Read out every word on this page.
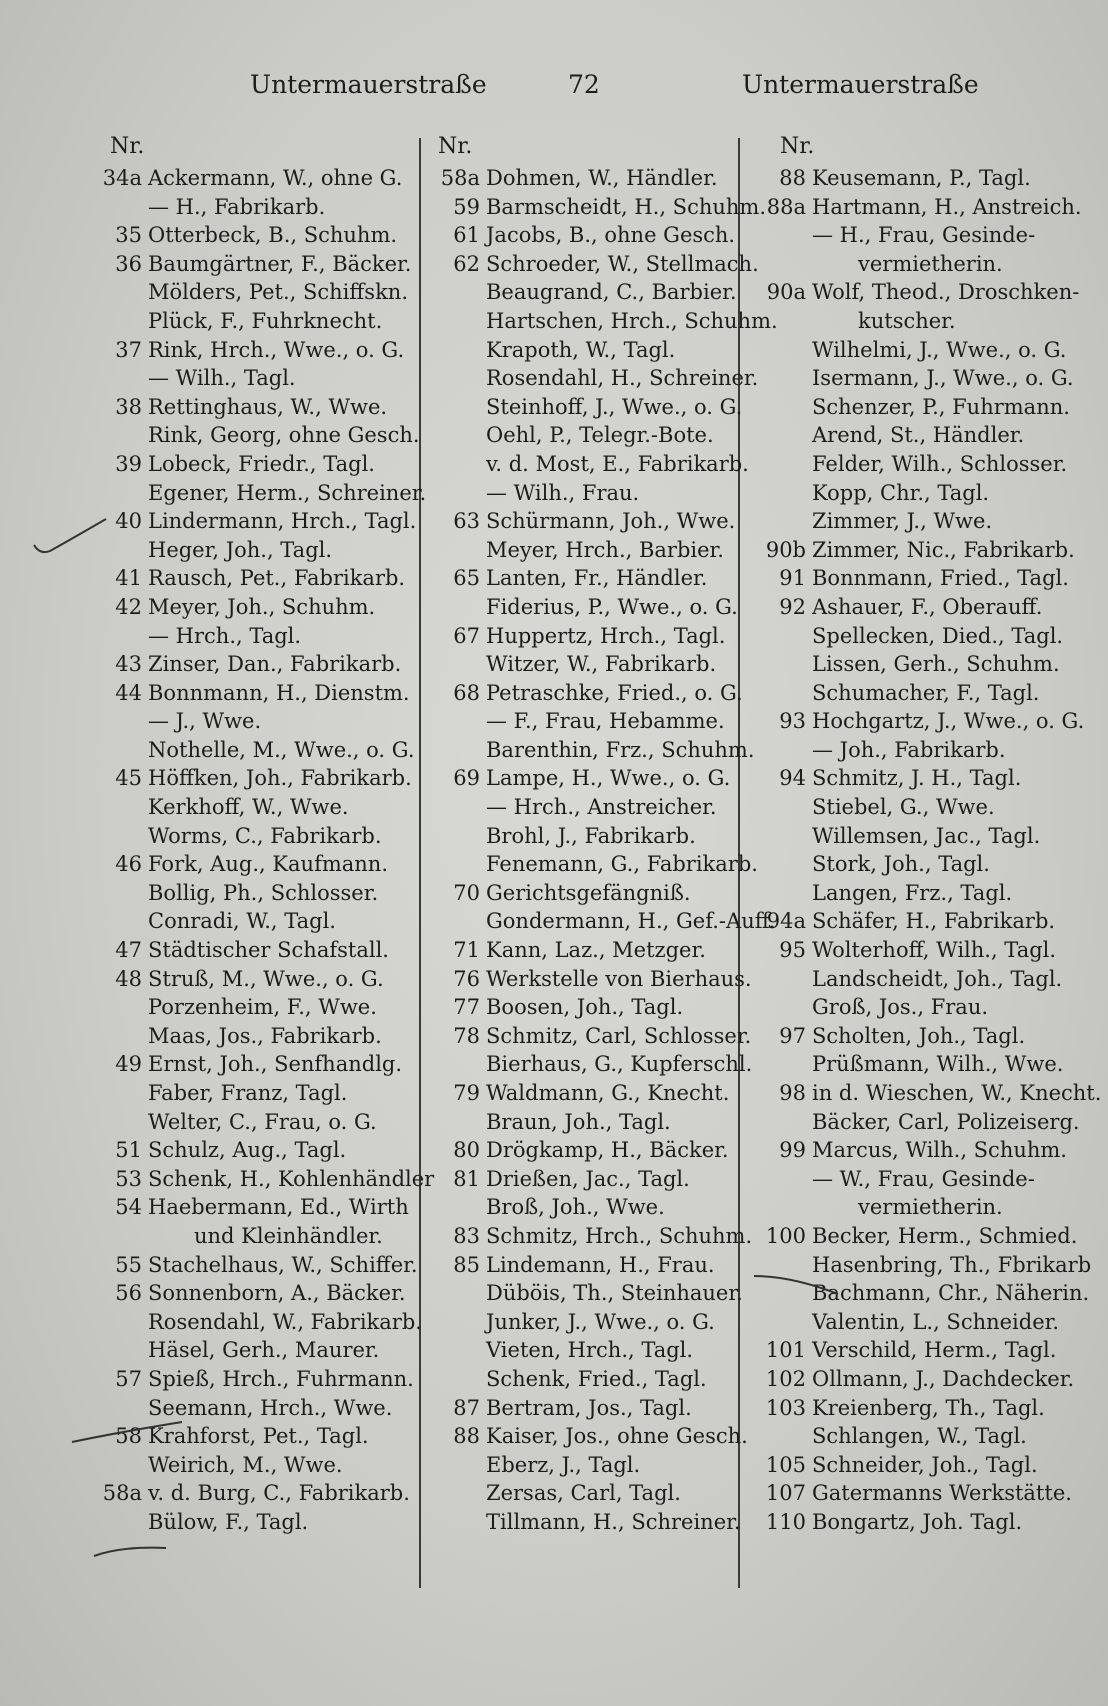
Untermauerstraße	72	Untermauerstraße
Nr.
34a Ackermann, W., ohne G.
— H., Fabrikarb.
35 Otterbeck, B., Schuhm.
36 Baumgärtner, F., Bäcker.
Mölders, Pet., Schiffskn.
Plück, F., Fuhrknecht.
37 Rink, Hrch., Wwe., o. G.
— Wilh., Tagl.
38 Rettinghaus, W., Wwe.
Rink, Georg, ohne Gesch.
39 Lobeck, Friedr., Tagl.
Egener, Herm., Schreiner.
40 Lindermann, Hrch., Tagl.
Heger, Joh., Tagl.
41 Rausch, Pet., Fabrikarb.
42 Meyer, Joh., Schuhm.
— Hrch., Tagl.
43 Zinser, Dan., Fabrikarb.
44 Bonnmann, H., Dienstm.
— J., Wwe.
Nothelle, M., Wwe., o. G.
45 Höffken, Joh., Fabrikarb.
Kerkhoff, W., Wwe.
Worms, C., Fabrikarb.
46 Fork, Aug., Kaufmann.
Bollig, Ph., Schlosser.
Conradi, W., Tagl.
47 Städtischer Schafstall.
48 Struß, M., Wwe., o. G.
Porzenheim, F., Wwe.
Maas, Jos., Fabrikarb.
49 Ernst, Joh., Senfhandlg.
Faber, Franz, Tagl.
Welter, C., Frau, o. G.
51 Schulz, Aug., Tagl.
53 Schenk, H., Kohlenhändler
54 Haebermann, Ed., Wirth
und Kleinhändler.
55 Stachelhaus, W., Schiffer.
56 Sonnenborn, A., Bäcker.
Rosendahl, W., Fabrikarb.
Häsel, Gerh., Maurer.
57 Spieß, Hrch., Fuhrmann.
Seemann, Hrch., Wwe.
58 Krahforst, Pet., Tagl.
Weirich, M., Wwe.
58a v. d. Burg, C., Fabrikarb.
Bülow, F., Tagl.
Nr.
58a Dohmen, W., Händler.
59 Barmscheidt, H., Schuhm.
61 Jacobs, B., ohne Gesch.
62 Schroeder, W., Stellmach.
Beaugrand, C., Barbier.
Hartschen, Hrch., Schuhm.
Krapoth, W., Tagl.
Rosendahl, H., Schreiner.
Steinhoff, J., Wwe., o. G.
Oehl, P., Telegr.-Bote.
v. d. Most, E., Fabrikarb.
— Wilh., Frau.
63 Schürmann, Joh., Wwe.
Meyer, Hrch., Barbier.
65 Lanten, Fr., Händler.
Fiderius, P., Wwe., o. G.
67 Huppertz, Hrch., Tagl.
Witzer, W., Fabrikarb.
68 Petraschke, Fried., o. G.
— F., Frau, Hebamme.
Barenthin, Frz., Schuhm.
69 Lampe, H., Wwe., o. G.
— Hrch., Anstreicher.
Brohl, J., Fabrikarb.
Fenemann, G., Fabrikarb.
70 Gerichtsgefängniß.
Gondermann, H., Gef.-Auff.
71 Kann, Laz., Metzger.
76 Werkstelle von Bierhaus.
77 Boosen, Joh., Tagl.
78 Schmitz, Carl, Schlosser.
Bierhaus, G., Kupferschl.
79 Waldmann, G., Knecht.
Braun, Joh., Tagl.
80 Drögkamp, H., Bäcker.
81 Drießen, Jac., Tagl.
Broß, Joh., Wwe.
83 Schmitz, Hrch., Schuhm.
85 Lindemann, H., Frau.
Düböis, Th., Steinhauer.
Junker, J., Wwe., o. G.
Vieten, Hrch., Tagl.
Schenk, Fried., Tagl.
87 Bertram, Jos., Tagl.
88 Kaiser, Jos., ohne Gesch.
Eberz, J., Tagl.
Zersas, Carl, Tagl.
Tillmann, H., Schreiner.
Nr.
88 Keusemann, P., Tagl.
88a Hartmann, H., Anstreich.
— H., Frau, Gesinde-
vermietherin.
90a Wolf, Theod., Droschken-
kutscher.
Wilhelmi, J., Wwe., o. G.
Isermann, J., Wwe., o. G.
Schenzer, P., Fuhrmann.
Arend, St., Händler.
Felder, Wilh., Schlosser.
Kopp, Chr., Tagl.
Zimmer, J., Wwe.
90b Zimmer, Nic., Fabrikarb.
91 Bonnmann, Fried., Tagl.
92 Ashauer, F., Oberauff.
Spellecken, Died., Tagl.
Lissen, Gerh., Schuhm.
Schumacher, F., Tagl.
93 Hochgartz, J., Wwe., o. G.
— Joh., Fabrikarb.
94 Schmitz, J. H., Tagl.
Stiebel, G., Wwe.
Willemsen, Jac., Tagl.
Stork, Joh., Tagl.
Langen, Frz., Tagl.
94a Schäfer, H., Fabrikarb.
95 Wolterhoff, Wilh., Tagl.
Landscheidt, Joh., Tagl.
Groß, Jos., Frau.
97 Scholten, Joh., Tagl.
Prüßmann, Wilh., Wwe.
98 in d. Wieschen, W., Knecht.
Bäcker, Carl, Polizeiserg.
99 Marcus, Wilh., Schuhm.
— W., Frau, Gesinde-
vermietherin.
100 Becker, Herm., Schmied.
Hasenbring, Th., Fbrikarb
Bachmann, Chr., Näherin.
Valentin, L., Schneider.
101 Verschild, Herm., Tagl.
102 Ollmann, J., Dachdecker.
103 Kreienberg, Th., Tagl.
Schlangen, W., Tagl.
105 Schneider, Joh., Tagl.
107 Gatermanns Werkstätte.
110 Bongartz, Joh. Tagl.
